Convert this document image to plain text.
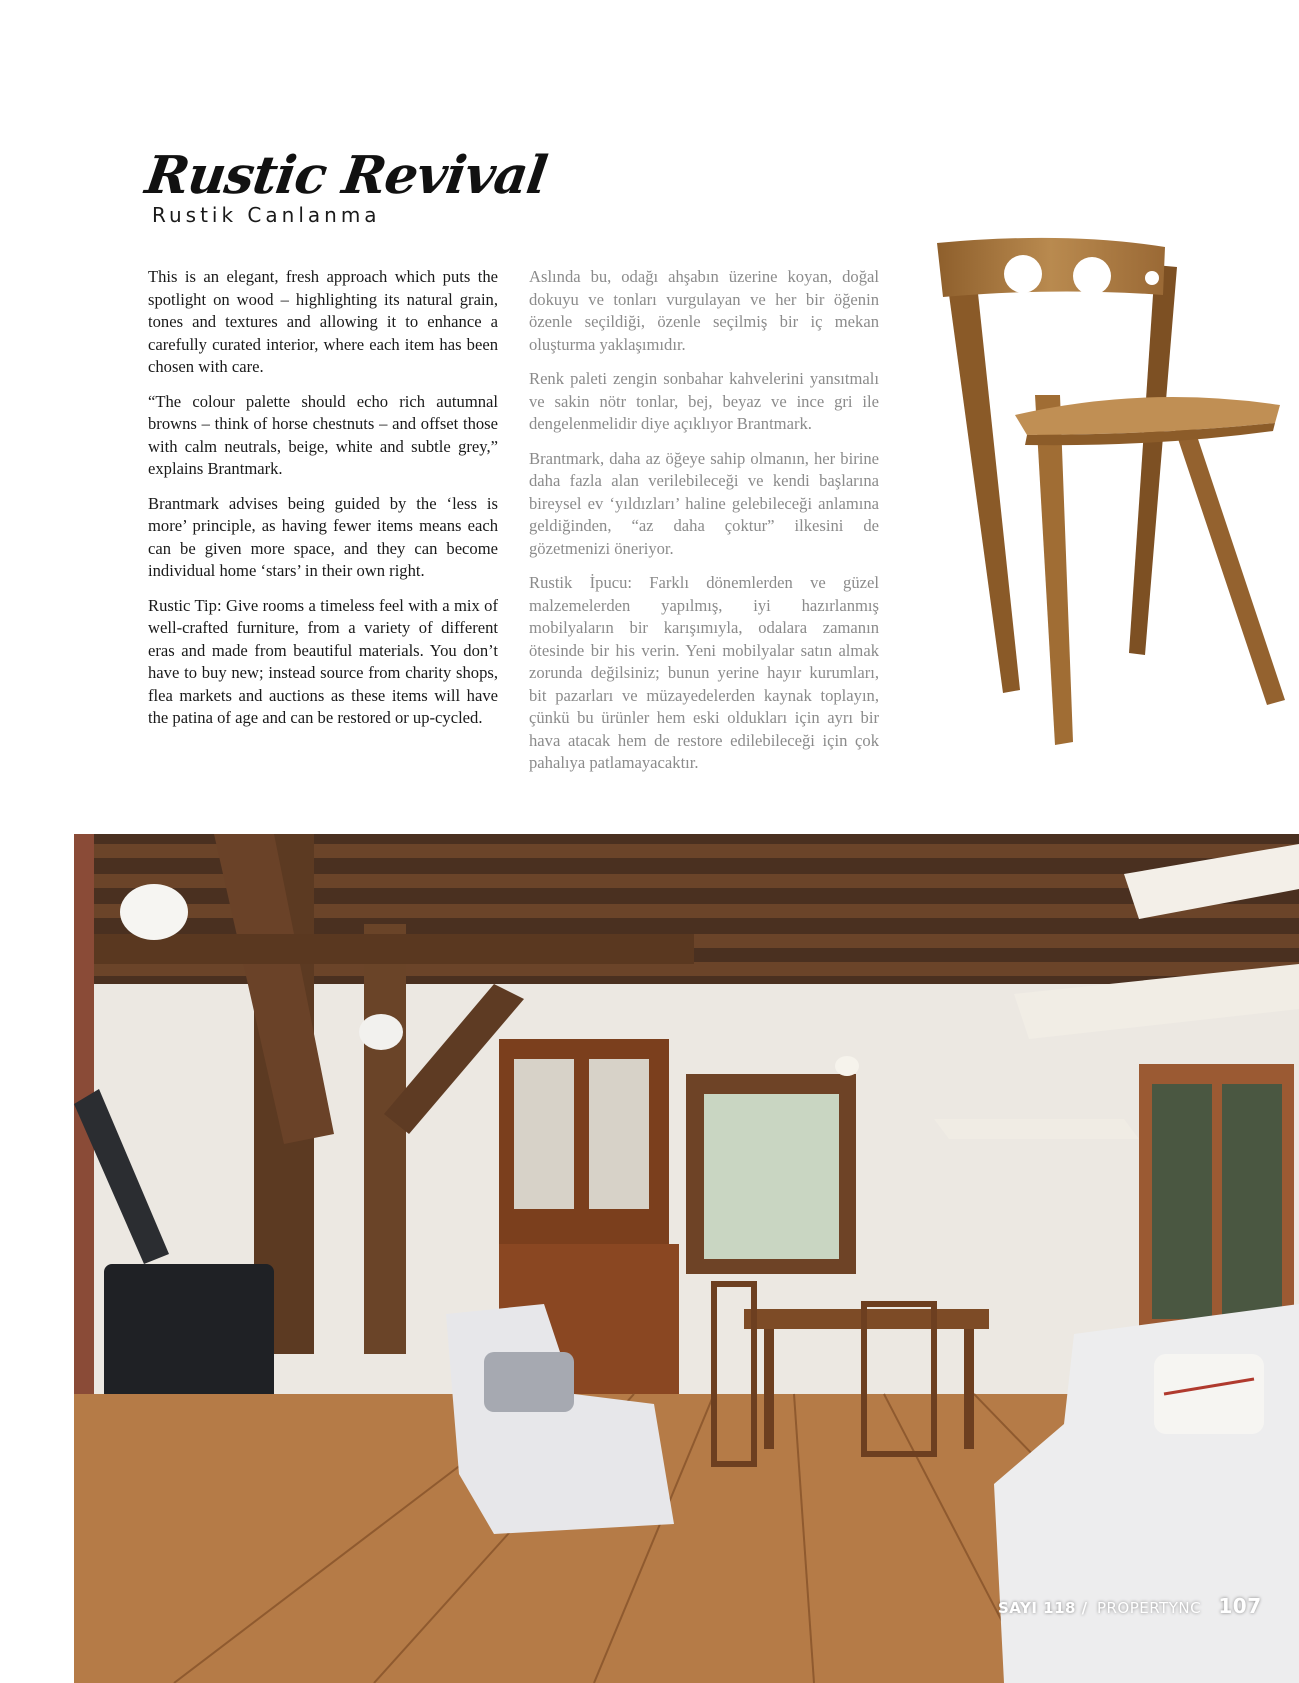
Rustic Revival
Rustik Canlanma

This is an elegant, fresh approach which puts the spotlight on wood – highlighting its natural grain, tones and textures and allowing it to enhance a carefully curated interior, where each item has been chosen with care.

“The colour palette should echo rich autumnal browns – think of horse chestnuts – and offset those with calm neutrals, beige, white and subtle grey,” explains Brantmark.

Brantmark advises being guided by the ‘less is more’ principle, as having fewer items means each can be given more space, and they can become individual home ‘stars’ in their own right.

Rustic Tip: Give rooms a timeless feel with a mix of well-crafted furniture, from a variety of different eras and made from beautiful materials. You don’t have to buy new; instead source from charity shops, flea markets and auctions as these items will have the patina of age and can be restored or up-cycled.

Aslında bu, odağı ahşabın üzerine koyan, doğal dokuyu ve tonları vurgulayan ve her bir öğenin özenle seçildiği, özenle seçilmiş bir iç mekan oluşturma yaklaşımıdır.

Renk paleti zengin sonbahar kahvelerini yansıtmalı ve sakin nötr tonlar, bej, beyaz ve ince gri ile dengelenmelidir diye açıklıyor Brantmark.

Brantmark, daha az öğeye sahip olmanın, her birine daha fazla alan verilebileceği ve kendi başlarına bireysel ev ‘yıldızları’ haline gelebileceği anlamına geldiğinden, “az daha çoktur” ilkesini de gözetmenizi öneriyor.

Rustik İpucu: Farklı dönemlerden ve güzel malzemelerden yapılmış, iyi hazırlanmış mobilyaların bir karışımıyla, odalara zamanın ötesinde bir his verin. Yeni mobilyalar satın almak zorunda değilsiniz; bunun yerine hayır kurumları, bit pazarları ve müzayedelerden kaynak toplayın, çünkü bu ürünler hem eski oldukları için ayrı bir hava atacak hem de restore edilebileceği için çok pahalıya patlamayacaktır.

SAYI 118 / PROPERTYNC 107
